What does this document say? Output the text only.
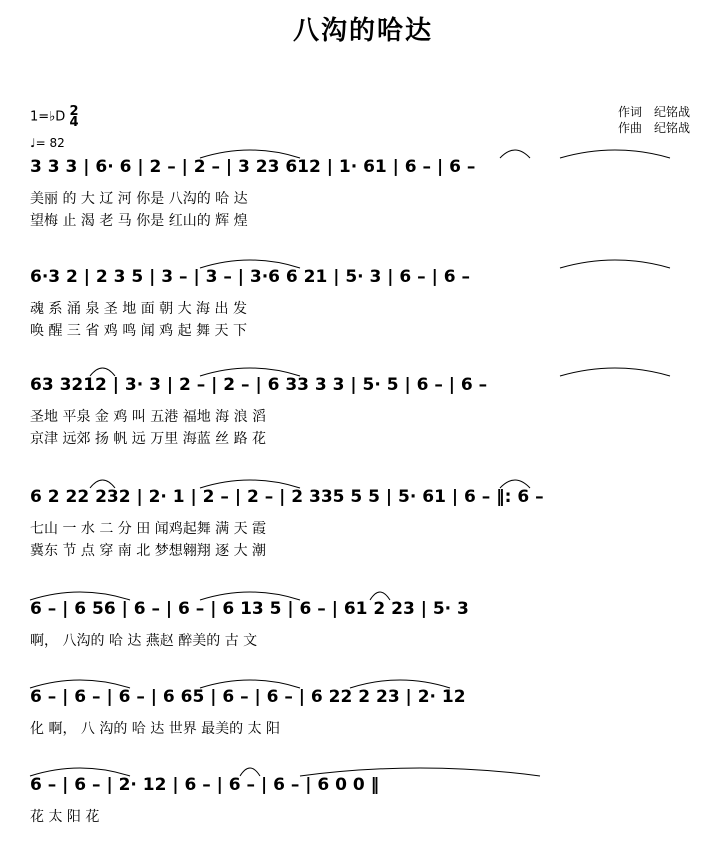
八沟的哈达
作词　纪铭战
作曲　纪铭战
1=♭D 2
4
♩= 82
3 3 3 | 6· 6 | 2 – | 2 – | 3 23 612 | 1· 61 | 6 – | 6 –
美丽 的 大 辽 河 你是 八沟的 哈 达
望梅 止 渴 老 马 你是 红山的 辉 煌
6·3 2 | 2 3 5 | 3 – | 3 – | 3·6 6 21 | 5· 3 | 6 – | 6 –
魂 系 涌 泉 圣 地 面 朝 大 海 出 发
唤 醒 三 省 鸡 鸣 闻 鸡 起 舞 天 下
63 3212 | 3· 3 | 2 – | 2 – | 6 33 3 3 | 5· 5 | 6 – | 6 –
圣地 平泉 金 鸡 叫 五港 福地 海 浪 滔
京津 远郊 扬 帆 远 万里 海蓝 丝 路 花
6 2 22 232 | 2· 1 | 2 – | 2 – | 2 335 5 5 | 5· 61 | 6 – ‖: 6 –
七山 一 水 二 分 田 闻鸡起舞 满 天 霞
冀东 节 点 穿 南 北 梦想翱翔 逐 大 潮
6 – | 6 56 | 6 – | 6 – | 6 13 5 | 6 – | 61 2 23 | 5· 3
啊， 八沟的 哈 达 燕赵 醉美的 古 文
6 – | 6 – | 6 – | 6 65 | 6 – | 6 – | 6 22 2 23 | 2· 12
化 啊， 八 沟的 哈 达 世界 最美的 太 阳
6 – | 6 – | 2· 12 | 6 – | 6 – | 6 – | 6 0 0 ‖
花 太 阳 花
